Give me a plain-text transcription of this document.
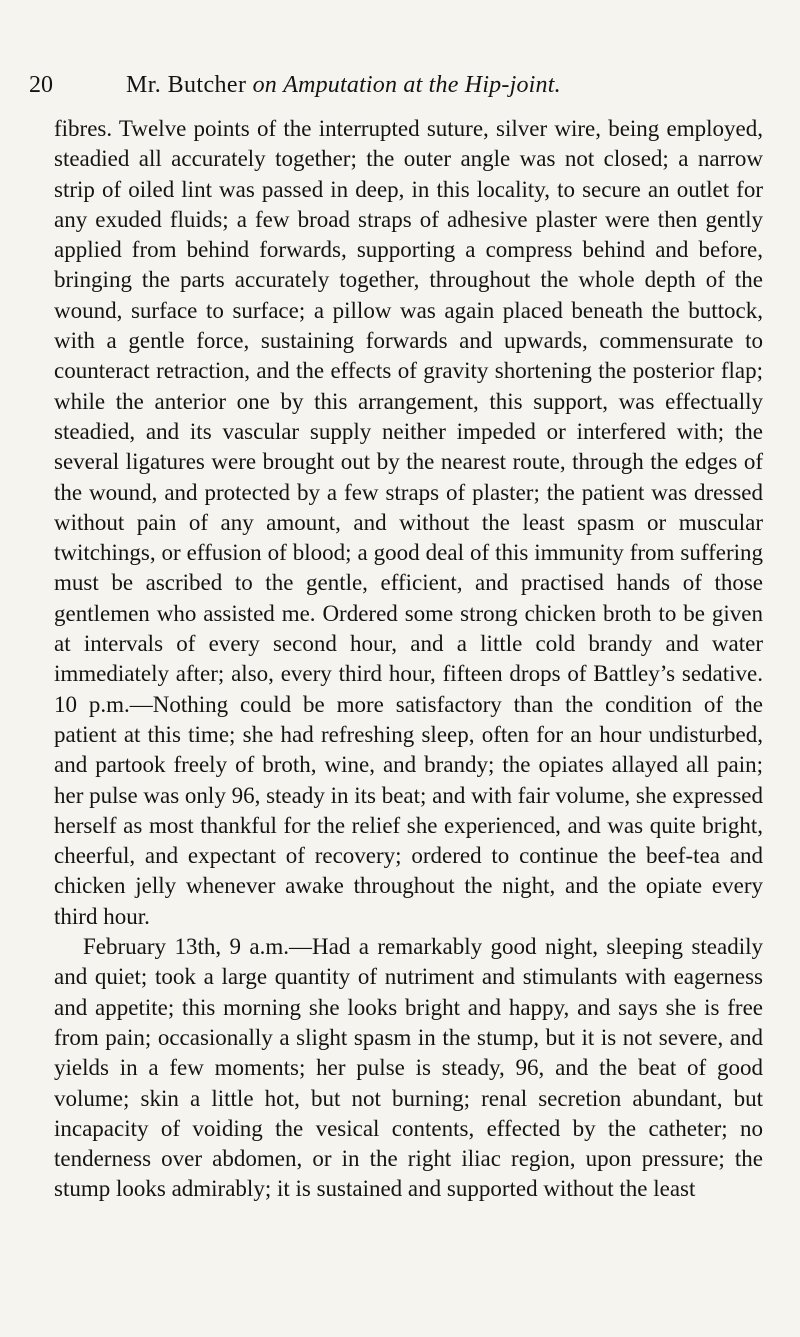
20	Mr. Butcher on Amputation at the Hip-joint.

fibres. Twelve points of the interrupted suture, silver wire, being employed, steadied all accurately together; the outer angle was not closed; a narrow strip of oiled lint was passed in deep, in this locality, to secure an outlet for any exuded fluids; a few broad straps of adhesive plaster were then gently applied from behind forwards, supporting a compress behind and before, bringing the parts accurately together, throughout the whole depth of the wound, surface to surface; a pillow was again placed beneath the buttock, with a gentle force, sustaining forwards and upwards, commensurate to counteract retraction, and the effects of gravity shortening the posterior flap; while the anterior one by this arrangement, this support, was effectually steadied, and its vascular supply neither impeded or interfered with; the several ligatures were brought out by the nearest route, through the edges of the wound, and protected by a few straps of plaster; the patient was dressed without pain of any amount, and without the least spasm or muscular twitchings, or effusion of blood; a good deal of this immunity from suffering must be ascribed to the gentle, efficient, and practised hands of those gentlemen who assisted me. Ordered some strong chicken broth to be given at intervals of every second hour, and a little cold brandy and water immediately after; also, every third hour, fifteen drops of Battley’s sedative. 10 p.m.—Nothing could be more satisfactory than the condition of the patient at this time; she had refreshing sleep, often for an hour undisturbed, and partook freely of broth, wine, and brandy; the opiates allayed all pain; her pulse was only 96, steady in its beat; and with fair volume, she expressed herself as most thankful for the relief she experienced, and was quite bright, cheerful, and expectant of recovery; ordered to continue the beef-tea and chicken jelly whenever awake throughout the night, and the opiate every third hour.

February 13th, 9 a.m.—Had a remarkably good night, sleeping steadily and quiet; took a large quantity of nutriment and stimulants with eagerness and appetite; this morning she looks bright and happy, and says she is free from pain; occasionally a slight spasm in the stump, but it is not severe, and yields in a few moments; her pulse is steady, 96, and the beat of good volume; skin a little hot, but not burning; renal secretion abundant, but incapacity of voiding the vesical contents, effected by the catheter; no tenderness over abdomen, or in the right iliac region, upon pressure; the stump looks admirably; it is sustained and supported without the least
